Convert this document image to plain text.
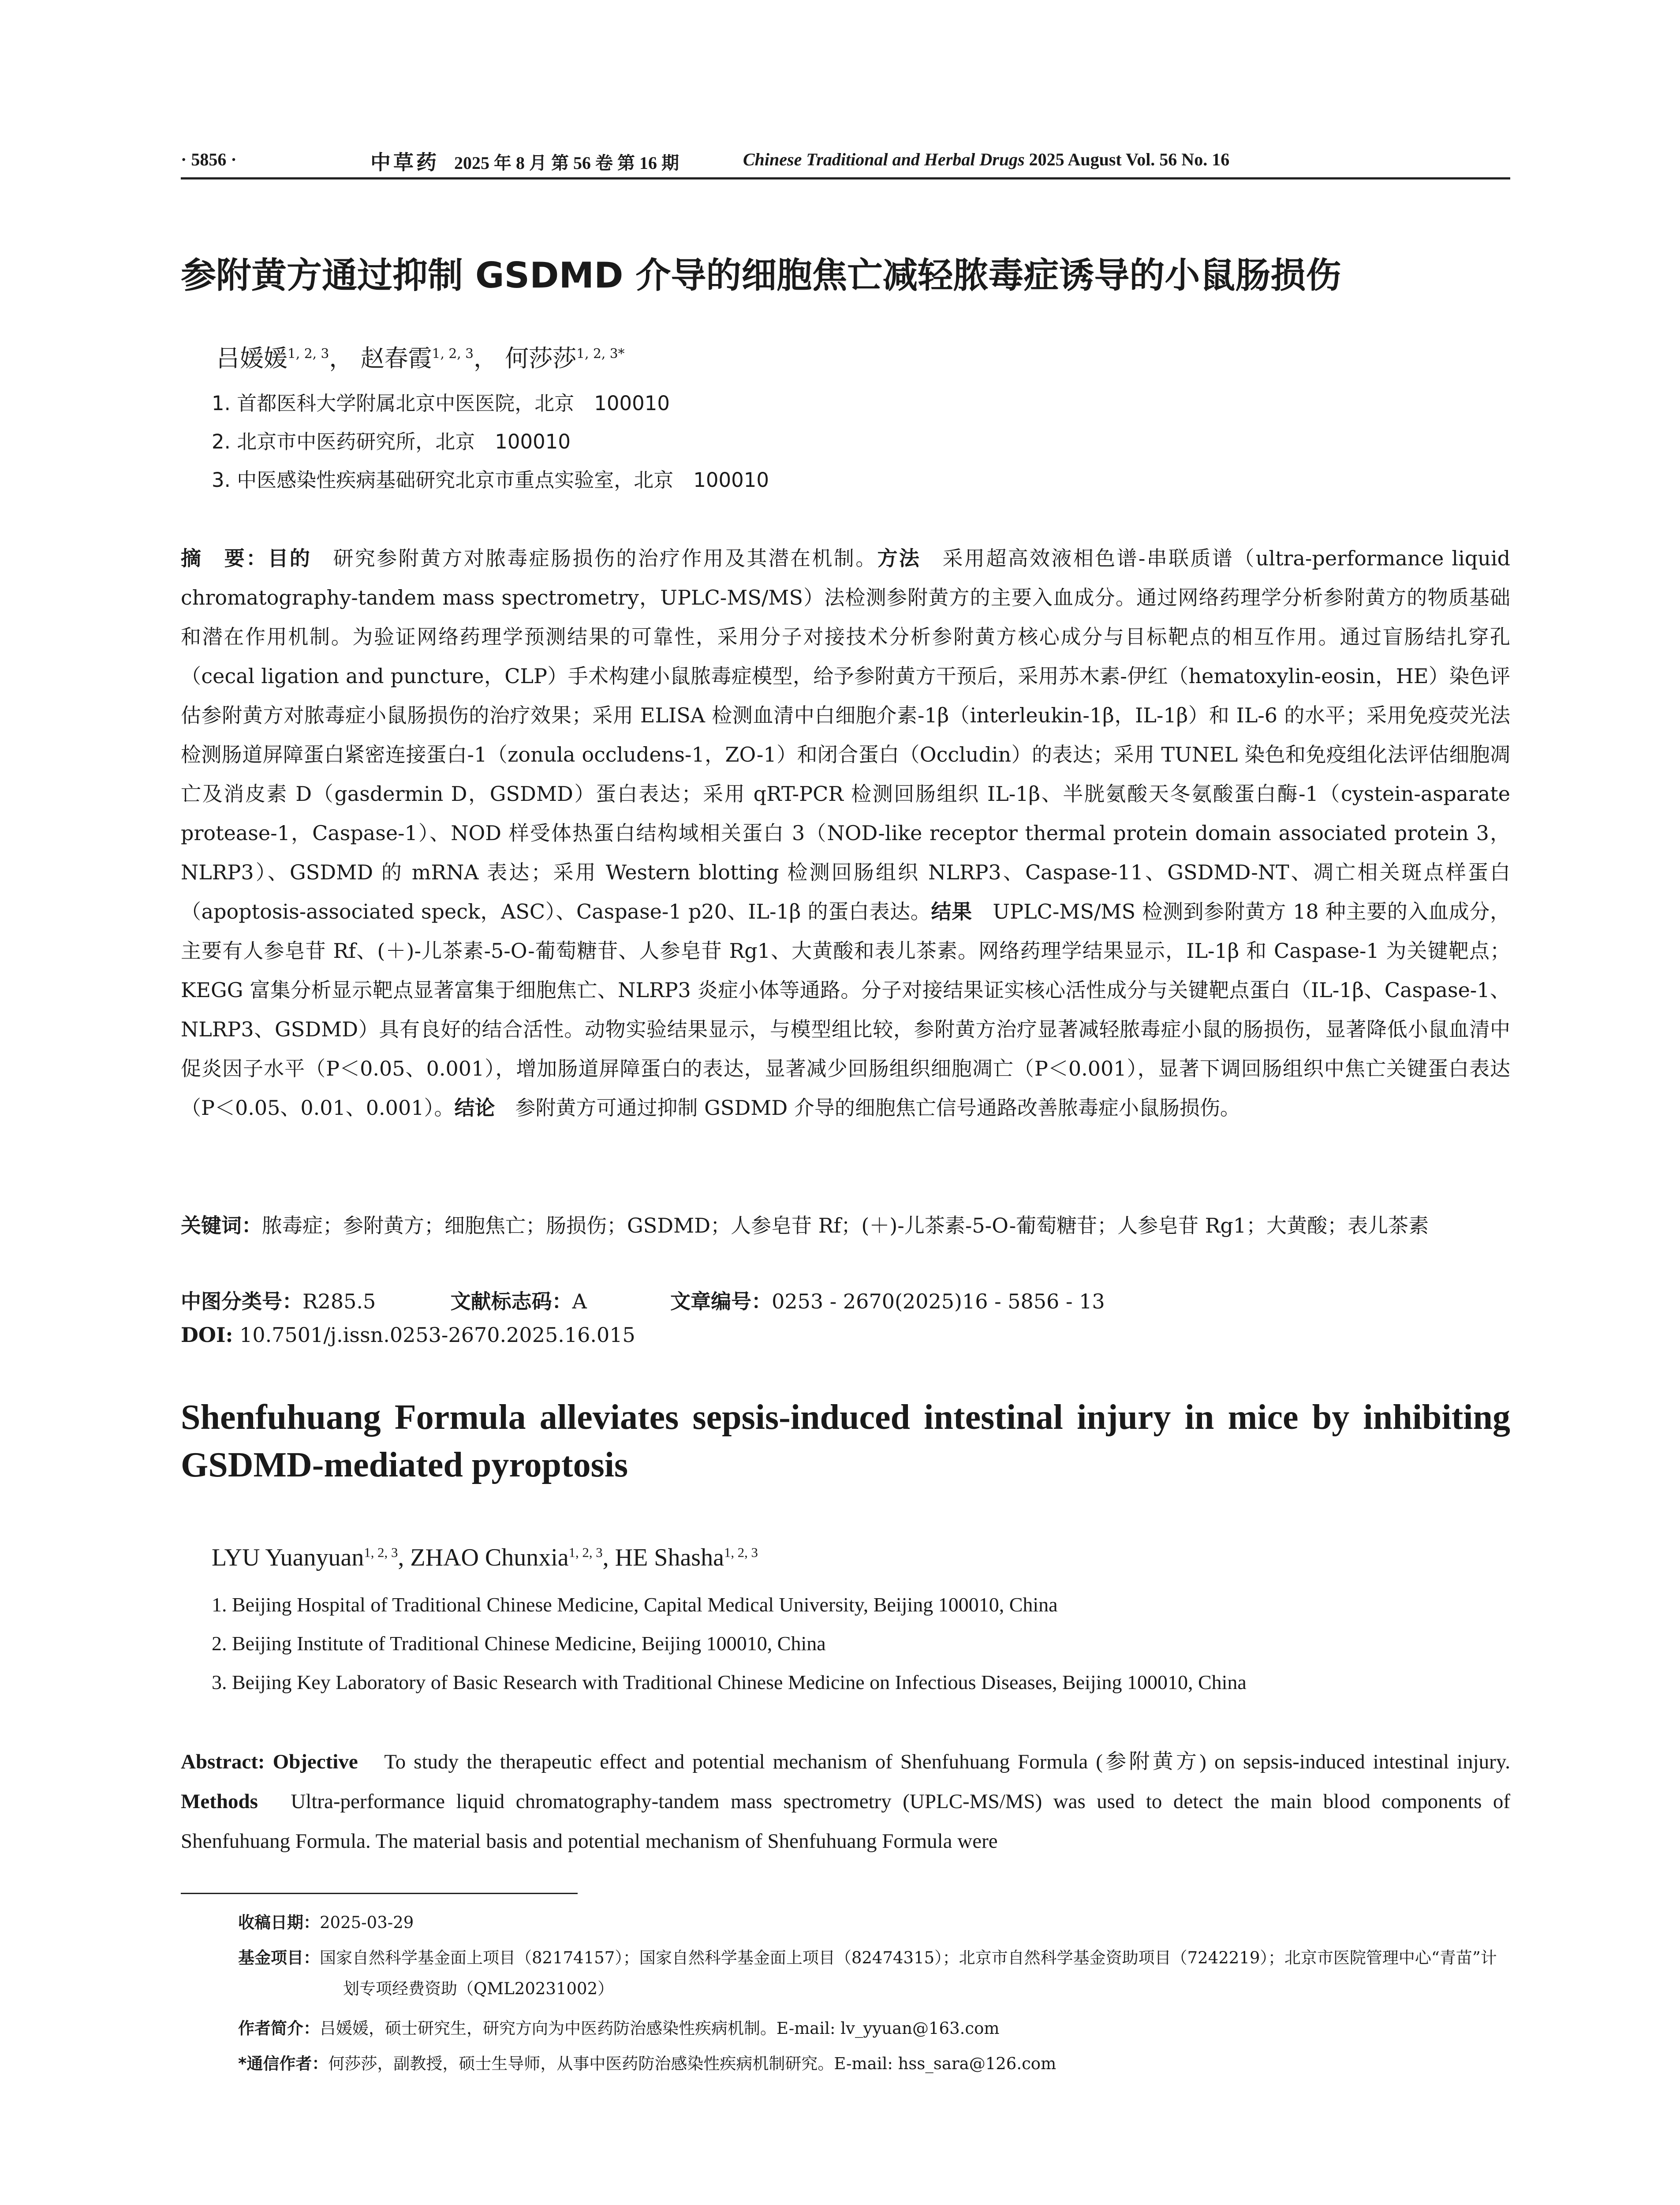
· 5856 ·	中草药 2025 年 8 月 第 56 卷 第 16 期	Chinese Traditional and Herbal Drugs 2025 August Vol. 56 No. 16
参附黄方通过抑制 GSDMD 介导的细胞焦亡减轻脓毒症诱导的小鼠肠损伤
吕媛媛$^{1, 2, 3}$， 赵春霞$^{1, 2, 3}$， 何莎莎$^{1, 2, 3*}$
1. 首都医科大学附属北京中医医院，北京　100010
2. 北京市中医药研究所，北京　100010
3. 中医感染性疾病基础研究北京市重点实验室，北京　100010
摘　要：目的　研究参附黄方对脓毒症肠损伤的治疗作用及其潜在机制。方法　采用超高效液相色谱-串联质谱（ultra-performance liquid chromatography-tandem mass spectrometry，UPLC-MS/MS）法检测参附黄方的主要入血成分。通过网络药理学分析参附黄方的物质基础和潜在作用机制。为验证网络药理学预测结果的可靠性，采用分子对接技术分析参附黄方核心成分与目标靶点的相互作用。通过盲肠结扎穿孔（cecal ligation and puncture，CLP）手术构建小鼠脓毒症模型，给予参附黄方干预后，采用苏木素-伊红（hematoxylin-eosin，HE）染色评估参附黄方对脓毒症小鼠肠损伤的治疗效果；采用 ELISA 检测血清中白细胞介素-1β（interleukin-1β，IL-1β）和 IL-6 的水平；采用免疫荧光法检测肠道屏障蛋白紧密连接蛋白-1（zonula occludens-1，ZO-1）和闭合蛋白（Occludin）的表达；采用 TUNEL 染色和免疫组化法评估细胞凋亡及消皮素 D（gasdermin D，GSDMD）蛋白表达；采用 qRT-PCR 检测回肠组织 IL-1β、半胱氨酸天冬氨酸蛋白酶-1（cystein-asparate protease-1，Caspase-1）、NOD 样受体热蛋白结构域相关蛋白 3（NOD-like receptor thermal protein domain associated protein 3，NLRP3）、GSDMD 的 mRNA 表达；采用 Western blotting 检测回肠组织 NLRP3、Caspase-11、GSDMD-NT、凋亡相关斑点样蛋白（apoptosis-associated speck，ASC）、Caspase-1 p20、IL-1β 的蛋白表达。结果　UPLC-MS/MS 检测到参附黄方 18 种主要的入血成分，主要有人参皂苷 Rf、(＋)-儿茶素-5-O-葡萄糖苷、人参皂苷 Rg1、大黄酸和表儿茶素。网络药理学结果显示，IL-1β 和 Caspase-1 为关键靶点；KEGG 富集分析显示靶点显著富集于细胞焦亡、NLRP3 炎症小体等通路。分子对接结果证实核心活性成分与关键靶点蛋白（IL-1β、Caspase-1、NLRP3、GSDMD）具有良好的结合活性。动物实验结果显示，与模型组比较，参附黄方治疗显著减轻脓毒症小鼠的肠损伤，显著降低小鼠血清中促炎因子水平（P＜0.05、0.001），增加肠道屏障蛋白的表达，显著减少回肠组织细胞凋亡（P＜0.001），显著下调回肠组织中焦亡关键蛋白表达（P＜0.05、0.01、0.001）。结论　参附黄方可通过抑制 GSDMD 介导的细胞焦亡信号通路改善脓毒症小鼠肠损伤。
关键词：脓毒症；参附黄方；细胞焦亡；肠损伤；GSDMD；人参皂苷 Rf；(＋)-儿茶素-5-O-葡萄糖苷；人参皂苷 Rg1；大黄酸；表儿茶素
中图分类号：R285.5	文献标志码：A	文章编号：0253 - 2670(2025)16 - 5856 - 13
DOI: 10.7501/j.issn.0253-2670.2025.16.015
Shenfuhuang Formula alleviates sepsis-induced intestinal injury in mice by inhibiting GSDMD-mediated pyroptosis
LYU Yuanyuan$^{1, 2, 3}$, ZHAO Chunxia$^{1, 2, 3}$, HE Shasha$^{1, 2, 3}$
1. Beijing Hospital of Traditional Chinese Medicine, Capital Medical University, Beijing 100010, China
2. Beijing Institute of Traditional Chinese Medicine, Beijing 100010, China
3. Beijing Key Laboratory of Basic Research with Traditional Chinese Medicine on Infectious Diseases, Beijing 100010, China
Abstract: Objective　To study the therapeutic effect and potential mechanism of Shenfuhuang Formula (参附黄方) on sepsis-induced intestinal injury. Methods　Ultra-performance liquid chromatography-tandem mass spectrometry (UPLC-MS/MS) was used to detect the main blood components of Shenfuhuang Formula. The material basis and potential mechanism of Shenfuhuang Formula were
收稿日期：2025-03-29
基金项目：国家自然科学基金面上项目（82174157）；国家自然科学基金面上项目（82474315）；北京市自然科学基金资助项目（7242219）；北京市医院管理中心“青苗”计划专项经费资助（QML20231002）
作者简介：吕媛媛，硕士研究生，研究方向为中医药防治感染性疾病机制。E-mail: lv_yyuan@163.com
*通信作者：何莎莎，副教授，硕士生导师，从事中医药防治感染性疾病机制研究。E-mail: hss_sara@126.com
